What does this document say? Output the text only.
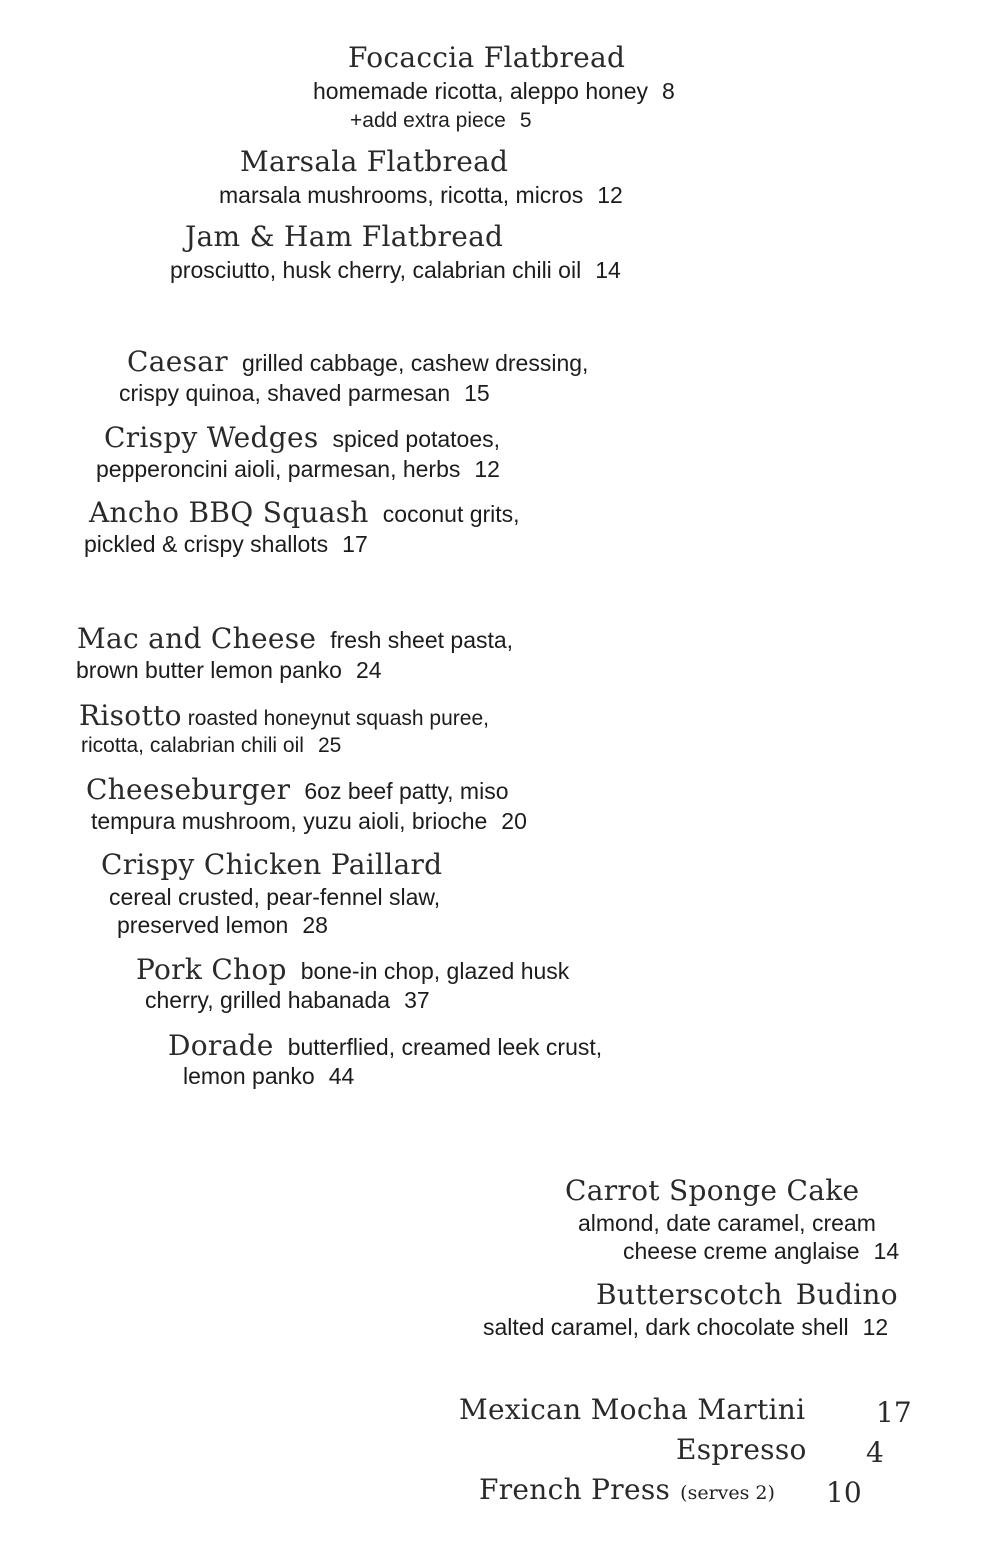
Focaccia Flatbread
homemade ricotta, aleppo honey 8
+add extra piece 5
Marsala Flatbread
marsala mushrooms, ricotta, micros 12
Jam & Ham Flatbread
prosciutto, husk cherry, calabrian chili oil 14
Caesar grilled cabbage, cashew dressing,
crispy quinoa, shaved parmesan 15
Crispy Wedges spiced potatoes,
pepperoncini aioli, parmesan, herbs 12
Ancho BBQ Squash coconut grits,
pickled & crispy shallots 17
Mac and Cheese fresh sheet pasta,
brown butter lemon panko 24
Risotto roasted honeynut squash puree,
ricotta, calabrian chili oil 25
Cheeseburger 6oz beef patty, miso
tempura mushroom, yuzu aioli, brioche 20
Crispy Chicken Paillard
cereal crusted, pear-fennel slaw,
preserved lemon 28
Pork Chop bone-in chop, glazed husk
cherry, grilled habanada 37
Dorade butterflied, creamed leek crust,
lemon panko 44
Carrot Sponge Cake
almond, date caramel, cream
cheese creme anglaise 14
Butterscotch Budino
salted caramel, dark chocolate shell 12
Mexican Mocha Martini	17
Espresso 4
French Press (serves 2) 10
